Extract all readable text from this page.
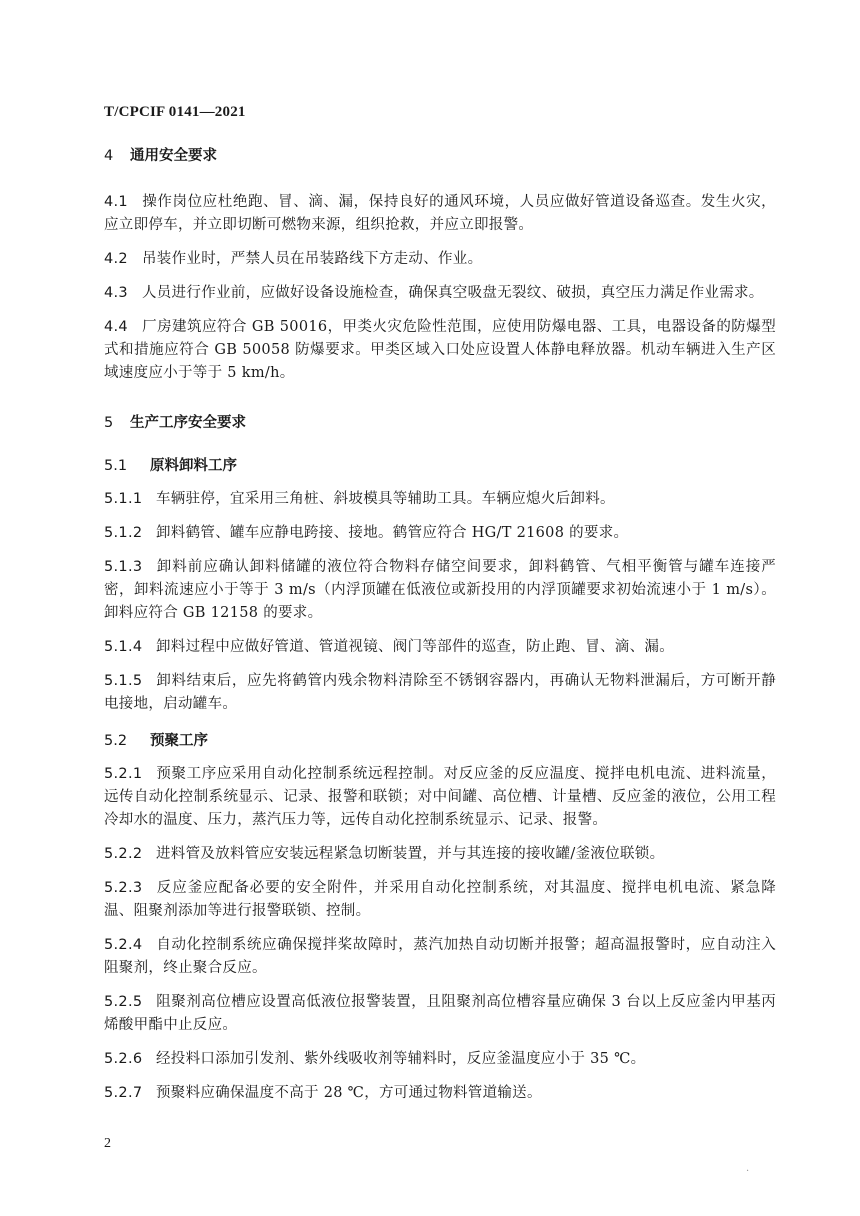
T/CPCIF 0141—2021

4 通用安全要求

4.1 操作岗位应杜绝跑、冒、滴、漏，保持良好的通风环境，人员应做好管道设备巡查。发生火灾，应立即停车，并立即切断可燃物来源，组织抢救，并应立即报警。

4.2 吊装作业时，严禁人员在吊装路线下方走动、作业。

4.3 人员进行作业前，应做好设备设施检查，确保真空吸盘无裂纹、破损，真空压力满足作业需求。

4.4 厂房建筑应符合 GB 50016，甲类火灾危险性范围，应使用防爆电器、工具，电器设备的防爆型式和措施应符合 GB 50058 防爆要求。甲类区域入口处应设置人体静电释放器。机动车辆进入生产区域速度应小于等于 5 km/h。

5 生产工序安全要求

5.1 原料卸料工序

5.1.1 车辆驻停，宜采用三角桩、斜坡模具等辅助工具。车辆应熄火后卸料。

5.1.2 卸料鹤管、罐车应静电跨接、接地。鹤管应符合 HG/T 21608 的要求。

5.1.3 卸料前应确认卸料储罐的液位符合物料存储空间要求，卸料鹤管、气相平衡管与罐车连接严密，卸料流速应小于等于 3 m/s（内浮顶罐在低液位或新投用的内浮顶罐要求初始流速小于 1 m/s）。卸料应符合 GB 12158 的要求。

5.1.4 卸料过程中应做好管道、管道视镜、阀门等部件的巡查，防止跑、冒、滴、漏。

5.1.5 卸料结束后，应先将鹤管内残余物料清除至不锈钢容器内，再确认无物料泄漏后，方可断开静电接地，启动罐车。

5.2 预聚工序

5.2.1 预聚工序应采用自动化控制系统远程控制。对反应釜的反应温度、搅拌电机电流、进料流量，远传自动化控制系统显示、记录、报警和联锁；对中间罐、高位槽、计量槽、反应釜的液位，公用工程冷却水的温度、压力，蒸汽压力等，远传自动化控制系统显示、记录、报警。

5.2.2 进料管及放料管应安装远程紧急切断装置，并与其连接的接收罐/釜液位联锁。

5.2.3 反应釜应配备必要的安全附件，并采用自动化控制系统，对其温度、搅拌电机电流、紧急降温、阻聚剂添加等进行报警联锁、控制。

5.2.4 自动化控制系统应确保搅拌桨故障时，蒸汽加热自动切断并报警；超高温报警时，应自动注入阻聚剂，终止聚合反应。

5.2.5 阻聚剂高位槽应设置高低液位报警装置，且阻聚剂高位槽容量应确保 3 台以上反应釜内甲基丙烯酸甲酯中止反应。

5.2.6 经投料口添加引发剂、紫外线吸收剂等辅料时，反应釜温度应小于 35 ℃。

5.2.7 预聚料应确保温度不高于 28 ℃，方可通过物料管道输送。

2
·
